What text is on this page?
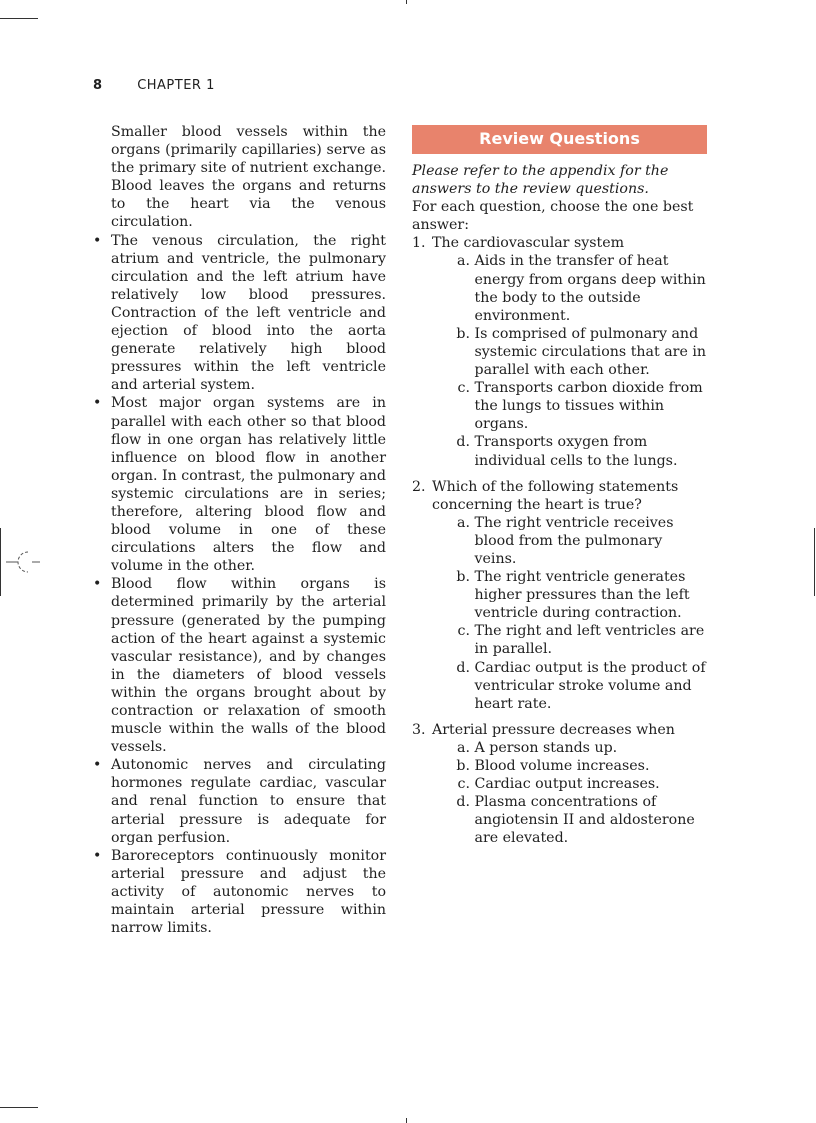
8	CHAPTER 1
Smaller blood vessels within the organs (primarily capillaries) serve as the primary site of nutrient exchange. Blood leaves the organs and returns to the heart via the venous circulation.
• The venous circulation, the right atrium and ventricle, the pulmonary circulation and the left atrium have relatively low blood pressures. Contraction of the left ventricle and ejection of blood into the aorta generate relatively high blood pressures within the left ventricle and arterial system.
• Most major organ systems are in parallel with each other so that blood flow in one organ has relatively little influence on blood flow in another organ. In contrast, the pulmonary and systemic circulations are in series; therefore, altering blood flow and blood volume in one of these circulations alters the flow and volume in the other.
• Blood flow within organs is determined primarily by the arterial pressure (generated by the pumping action of the heart against a systemic vascular resistance), and by changes in the diameters of blood vessels within the organs brought about by contraction or relaxation of smooth muscle within the walls of the blood vessels.
• Autonomic nerves and circulating hormones regulate cardiac, vascular and renal function to ensure that arterial pressure is adequate for organ perfusion.
• Baroreceptors continuously monitor arterial pressure and adjust the activity of autonomic nerves to maintain arterial pressure within narrow limits.
Review Questions
Please refer to the appendix for the answers to the review questions.
For each question, choose the one best answer:
1. The cardiovascular system
a.
Aids in the transfer of heat energy from organs deep within the body to the outside environment.
b.
Is comprised of pulmonary and systemic circulations that are in parallel with each other.
c.
Transports carbon dioxide from the lungs to tissues within organs.
d.
Transports oxygen from individual cells to the lungs.
2. Which of the following statements concerning the heart is true?
a.
The right ventricle receives blood from the pulmonary veins.
b.
The right ventricle generates higher pressures than the left ventricle during contraction.
c.
The right and left ventricles are in parallel.
d.
Cardiac output is the product of ventricular stroke volume and heart rate.
3. Arterial pressure decreases when
a.
A person stands up.
b.
Blood volume increases.
c.
Cardiac output increases.
d.
Plasma concentrations of angiotensin II and aldosterone are elevated.
